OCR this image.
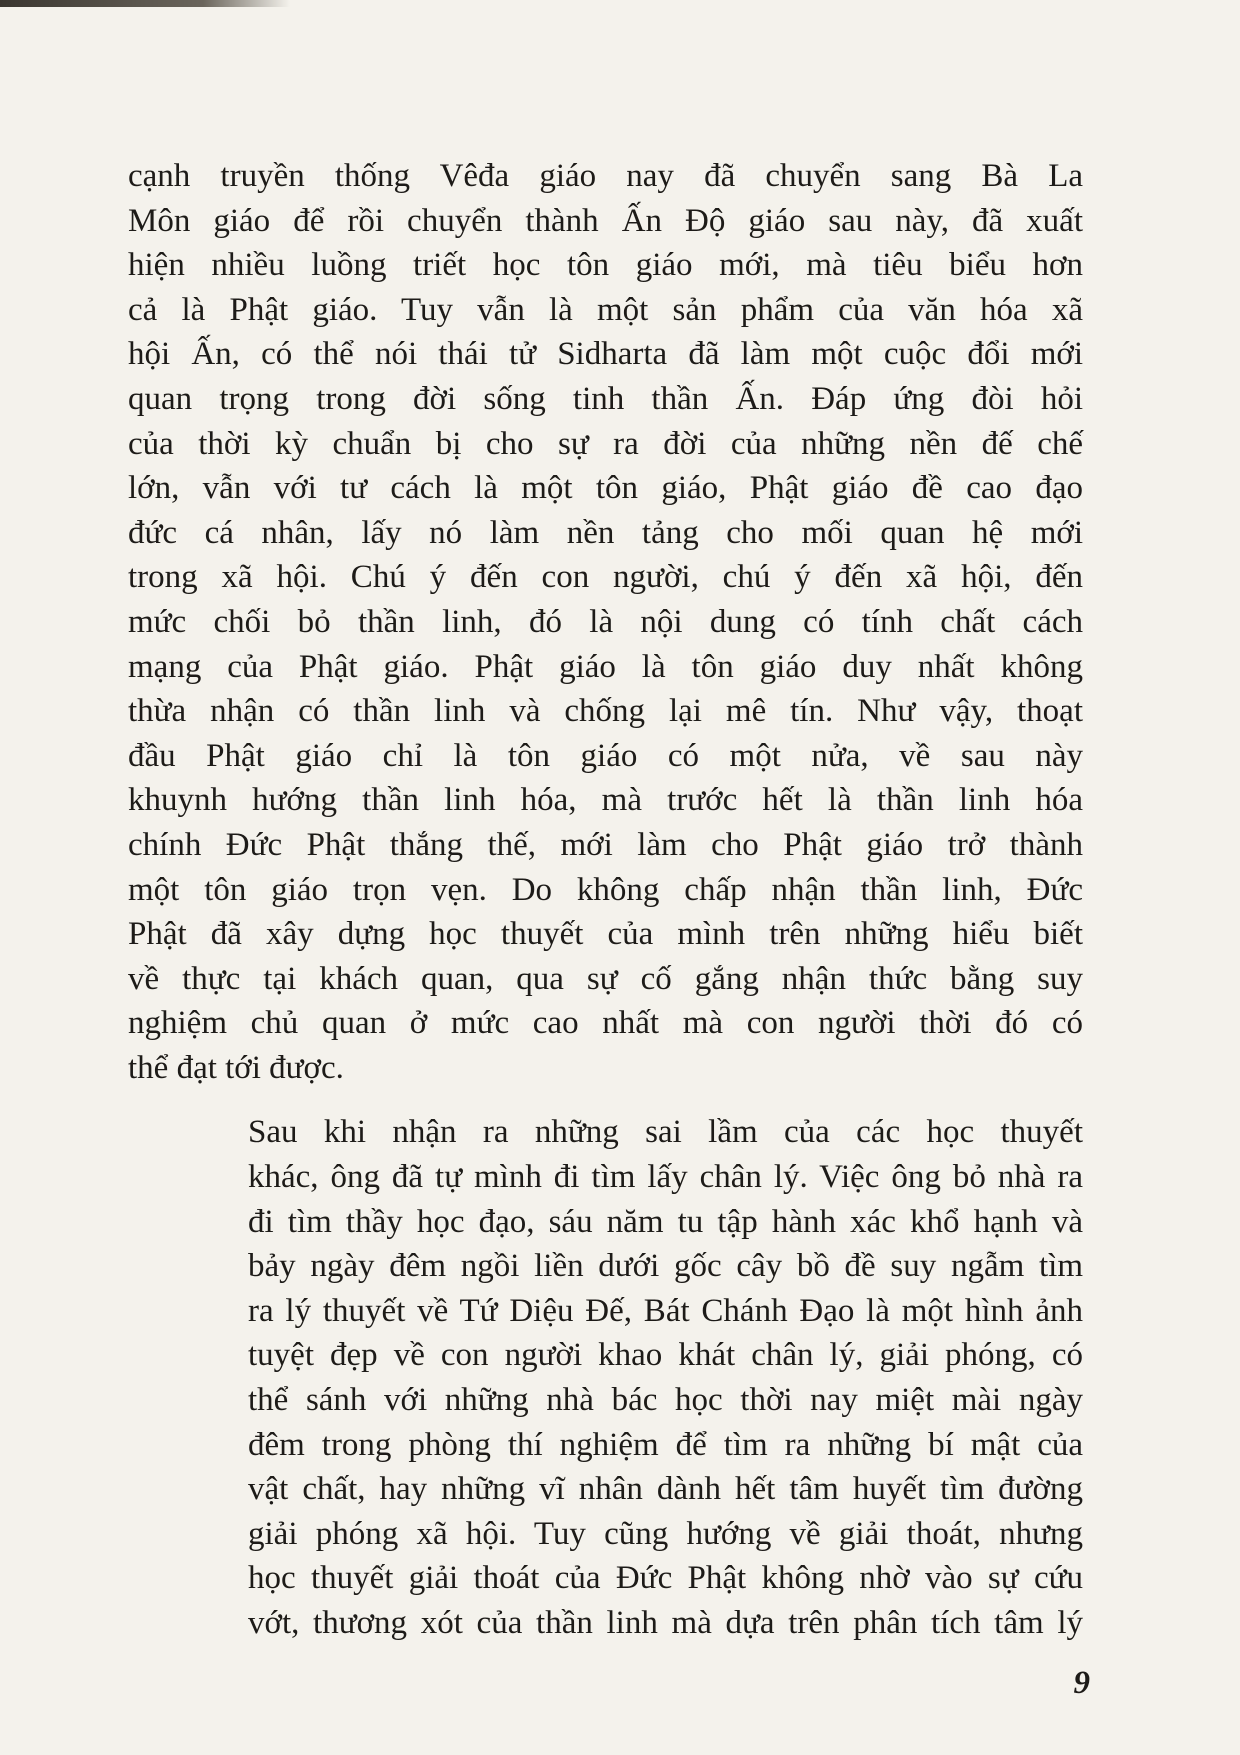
cạnh truyền thống Vêđa giáo nay đã chuyển sang Bà La
Môn giáo để rồi chuyển thành Ấn Độ giáo sau này, đã xuất
hiện nhiều luồng triết học tôn giáo mới, mà tiêu biểu hơn
cả là Phật giáo. Tuy vẫn là một sản phẩm của văn hóa xã
hội Ấn, có thể nói thái tử Sidharta đã làm một cuộc đổi mới
quan trọng trong đời sống tinh thần Ấn. Đáp ứng đòi hỏi
của thời kỳ chuẩn bị cho sự ra đời của những nền đế chế
lớn, vẫn với tư cách là một tôn giáo, Phật giáo đề cao đạo
đức cá nhân, lấy nó làm nền tảng cho mối quan hệ mới
trong xã hội. Chú ý đến con người, chú ý đến xã hội, đến
mức chối bỏ thần linh, đó là nội dung có tính chất cách
mạng của Phật giáo. Phật giáo là tôn giáo duy nhất không
thừa nhận có thần linh và chống lại mê tín. Như vậy, thoạt
đầu Phật giáo chỉ là tôn giáo có một nửa, về sau này
khuynh hướng thần linh hóa, mà trước hết là thần linh hóa
chính Đức Phật thắng thế, mới làm cho Phật giáo trở thành
một tôn giáo trọn vẹn. Do không chấp nhận thần linh, Đức
Phật đã xây dựng học thuyết của mình trên những hiểu biết
về thực tại khách quan, qua sự cố gắng nhận thức bằng suy
nghiệm chủ quan ở mức cao nhất mà con người thời đó có
thể đạt tới được.

Sau khi nhận ra những sai lầm của các học thuyết
khác, ông đã tự mình đi tìm lấy chân lý. Việc ông bỏ nhà ra
đi tìm thầy học đạo, sáu năm tu tập hành xác khổ hạnh và
bảy ngày đêm ngồi liền dưới gốc cây bồ đề suy ngẫm tìm
ra lý thuyết về Tứ Diệu Đế, Bát Chánh Đạo là một hình ảnh
tuyệt đẹp về con người khao khát chân lý, giải phóng, có
thể sánh với những nhà bác học thời nay miệt mài ngày
đêm trong phòng thí nghiệm để tìm ra những bí mật của
vật chất, hay những vĩ nhân dành hết tâm huyết tìm đường
giải phóng xã hội. Tuy cũng hướng về giải thoát, nhưng
học thuyết giải thoát của Đức Phật không nhờ vào sự cứu
vớt, thương xót của thần linh mà dựa trên phân tích tâm lý

9
